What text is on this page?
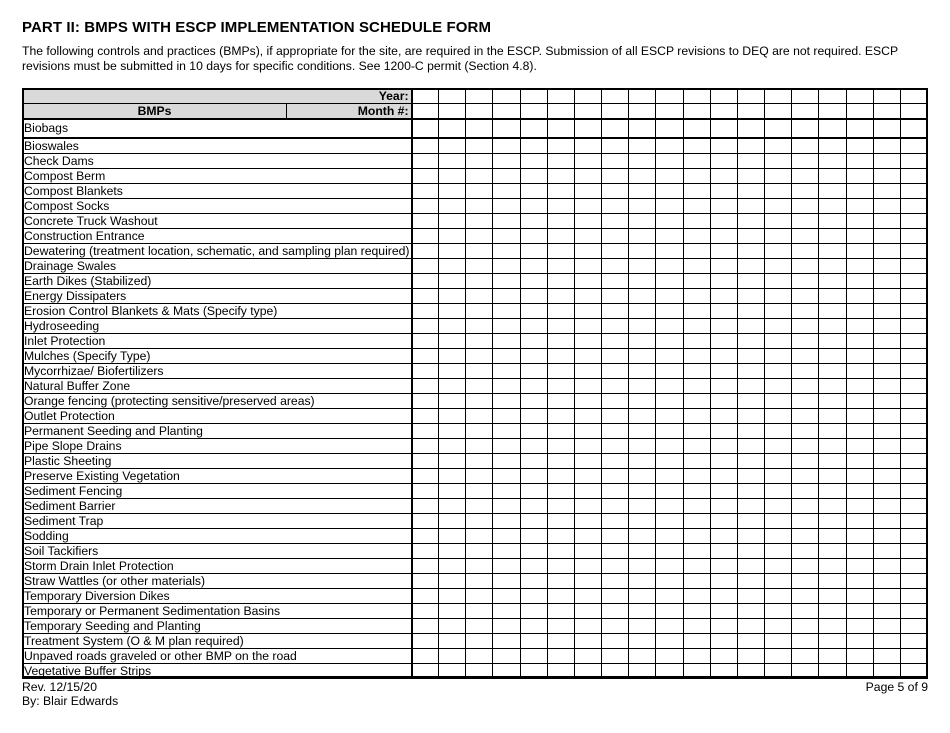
PART II: BMPS WITH ESCP IMPLEMENTATION SCHEDULE FORM
The following controls and practices (BMPs), if appropriate for the site, are required in the ESCP. Submission of all ESCP revisions to DEQ are not required. ESCP revisions must be submitted in 10 days for specific conditions. See 1200-C permit (Section 4.8).
Year:																				
BMPs	Month #:																			
Biobags																				
Bioswales																				
Check Dams																				
Compost Berm																				
Compost Blankets																				
Compost Socks																				
Concrete Truck Washout																				
Construction Entrance																				
Dewatering (treatment location, schematic, and sampling plan required)																				
Drainage Swales																				
Earth Dikes (Stabilized)																				
Energy Dissipaters																				
Erosion Control Blankets & Mats (Specify type)																				
Hydroseeding																				
Inlet Protection																				
Mulches (Specify Type)																				
Mycorrhizae/ Biofertilizers																				
Natural Buffer Zone																				
Orange fencing (protecting sensitive/preserved areas)																				
Outlet Protection																				
Permanent Seeding and Planting																				
Pipe Slope Drains																				
Plastic Sheeting																				
Preserve Existing Vegetation																				
Sediment Fencing																				
Sediment Barrier																				
Sediment Trap																				
Sodding																				
Soil Tackifiers																				
Storm Drain Inlet Protection																				
Straw Wattles (or other materials)																				
Temporary Diversion Dikes																				
Temporary or Permanent Sedimentation Basins																				
Temporary Seeding and Planting																				
Treatment System (O & M plan required)																				
Unpaved roads graveled or other BMP on the road																				
Vegetative Buffer Strips																				
Rev. 12/15/20
By: Blair Edwards
Page 5 of 9
